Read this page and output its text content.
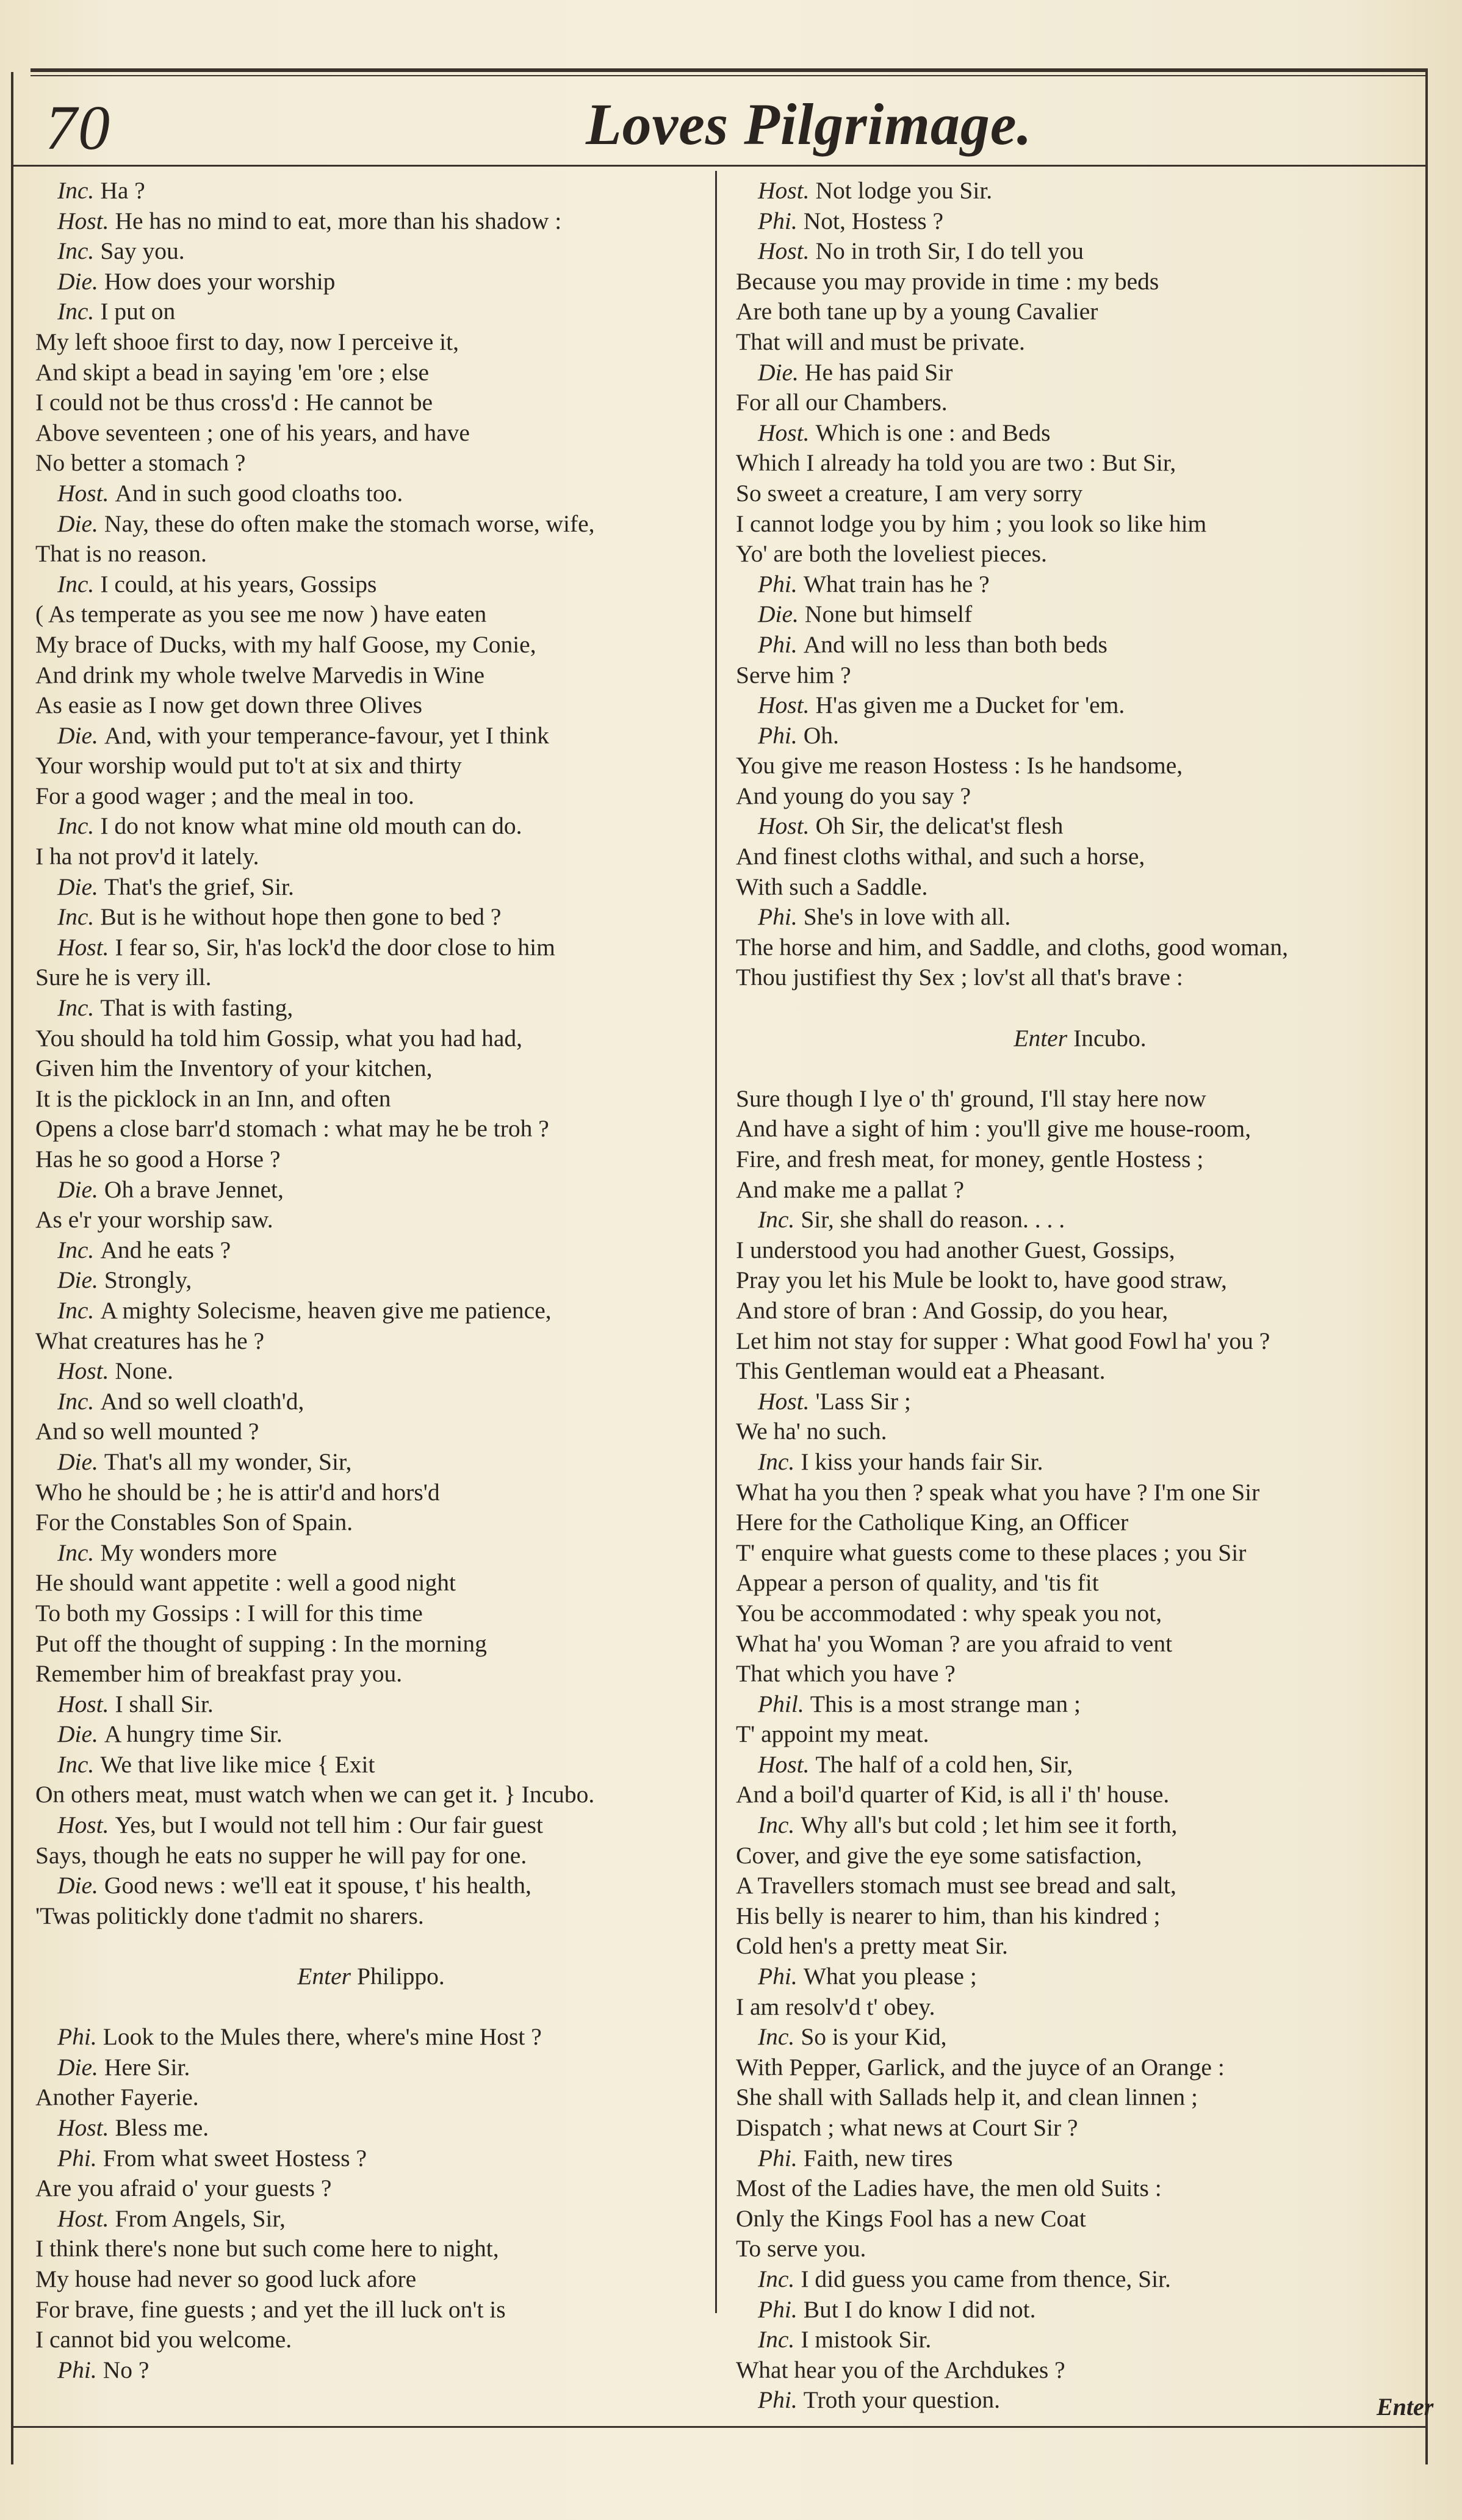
70	Loves Pilgrimage.
Inc. Ha ?
Host. He has no mind to eat, more than his shadow :
Inc. Say you.
Die. How does your worship
Inc. I put on
My left shooe first to day, now I perceive it,
And skipt a bead in saying 'em 'ore ; else
I could not be thus cross'd : He cannot be
Above seventeen ; one of his years, and have
No better a stomach ?
Host. And in such good cloaths too.
Die. Nay, these do often make the stomach worse, wife,
That is no reason.
Inc. I could, at his years, Gossips
( As temperate as you see me now ) have eaten
My brace of Ducks, with my half Goose, my Conie,
And drink my whole twelve Marvedis in Wine
As easie as I now get down three Olives
Die. And, with your temperance-favour, yet I think
Your worship would put to't at six and thirty
For a good wager ; and the meal in too.
Inc. I do not know what mine old mouth can do.
I ha not prov'd it lately.
Die. That's the grief, Sir.
Inc. But is he without hope then gone to bed ?
Host. I fear so, Sir, h'as lock'd the door close to him
Sure he is very ill.
Inc. That is with fasting,
You should ha told him Gossip, what you had had,
Given him the Inventory of your kitchen,
It is the picklock in an Inn, and often
Opens a close barr'd stomach : what may he be troh ?
Has he so good a Horse ?
Die. Oh a brave Jennet,
As e'r your worship saw.
Inc. And he eats ?
Die. Strongly,
Inc. A mighty Solecisme, heaven give me patience,
What creatures has he ?
Host. None.
Inc. And so well cloath'd,
And so well mounted ?
Die. That's all my wonder, Sir,
Who he should be ; he is attir'd and hors'd
For the Constables Son of Spain.
Inc. My wonders more
He should want appetite : well a good night
To both my Gossips : I will for this time
Put off the thought of supping : In the morning
Remember him of breakfast pray you.
Host. I shall Sir.
Die. A hungry time Sir.
Inc. We that live like mice { Exit
On others meat, must watch when we can get it. } Incubo.
Host. Yes, but I would not tell him : Our fair guest
Says, though he eats no supper he will pay for one.
Die. Good news : we'll eat it spouse, t' his health,
'Twas politickly done t'admit no sharers.
Enter Philippo.
Phi. Look to the Mules there, where's mine Host ?
Die. Here Sir.
Another Fayerie.
Host. Bless me.
Phi. From what sweet Hostess ?
Are you afraid o' your guests ?
Host. From Angels, Sir,
I think there's none but such come here to night,
My house had never so good luck afore
For brave, fine guests ; and yet the ill luck on't is
I cannot bid you welcome.
Phi. No ?
Host. Not lodge you Sir.
Phi. Not, Hostess ?
Host. No in troth Sir, I do tell you
Because you may provide in time : my beds
Are both tane up by a young Cavalier
That will and must be private.
Die. He has paid Sir
For all our Chambers.
Host. Which is one : and Beds
Which I already ha told you are two : But Sir,
So sweet a creature, I am very sorry
I cannot lodge you by him ; you look so like him
Yo' are both the loveliest pieces.
Phi. What train has he ?
Die. None but himself
Phi. And will no less than both beds
Serve him ?
Host. H'as given me a Ducket for 'em.
Phi. Oh.
You give me reason Hostess : Is he handsome,
And young do you say ?
Host. Oh Sir, the delicat'st flesh
And finest cloths withal, and such a horse,
With such a Saddle.
Phi. She's in love with all.
The horse and him, and Saddle, and cloths, good woman,
Thou justifiest thy Sex ; lov'st all that's brave :
Enter Incubo.
Sure though I lye o' th' ground, I'll stay here now
And have a sight of him : you'll give me house-room,
Fire, and fresh meat, for money, gentle Hostess ;
And make me a pallat ?
Inc. Sir, she shall do reason. . . .
I understood you had another Guest, Gossips,
Pray you let his Mule be lookt to, have good straw,
And store of bran : And Gossip, do you hear,
Let him not stay for supper : What good Fowl ha' you ?
This Gentleman would eat a Pheasant.
Host. 'Lass Sir ;
We ha' no such.
Inc. I kiss your hands fair Sir.
What ha you then ? speak what you have ? I'm one Sir
Here for the Catholique King, an Officer
T' enquire what guests come to these places ; you Sir
Appear a person of quality, and 'tis fit
You be accommodated : why speak you not,
What ha' you Woman ? are you afraid to vent
That which you have ?
Phil. This is a most strange man ;
T' appoint my meat.
Host. The half of a cold hen, Sir,
And a boil'd quarter of Kid, is all i' th' house.
Inc. Why all's but cold ; let him see it forth,
Cover, and give the eye some satisfaction,
A Travellers stomach must see bread and salt,
His belly is nearer to him, than his kindred ;
Cold hen's a pretty meat Sir.
Phi. What you please ;
I am resolv'd t' obey.
Inc. So is your Kid,
With Pepper, Garlick, and the juyce of an Orange :
She shall with Sallads help it, and clean linnen ;
Dispatch ; what news at Court Sir ?
Phi. Faith, new tires
Most of the Ladies have, the men old Suits :
Only the Kings Fool has a new Coat
To serve you.
Inc. I did guess you came from thence, Sir.
Phi. But I do know I did not.
Inc. I mistook Sir.
What hear you of the Archdukes ?
Phi. Troth your question.	Enter
